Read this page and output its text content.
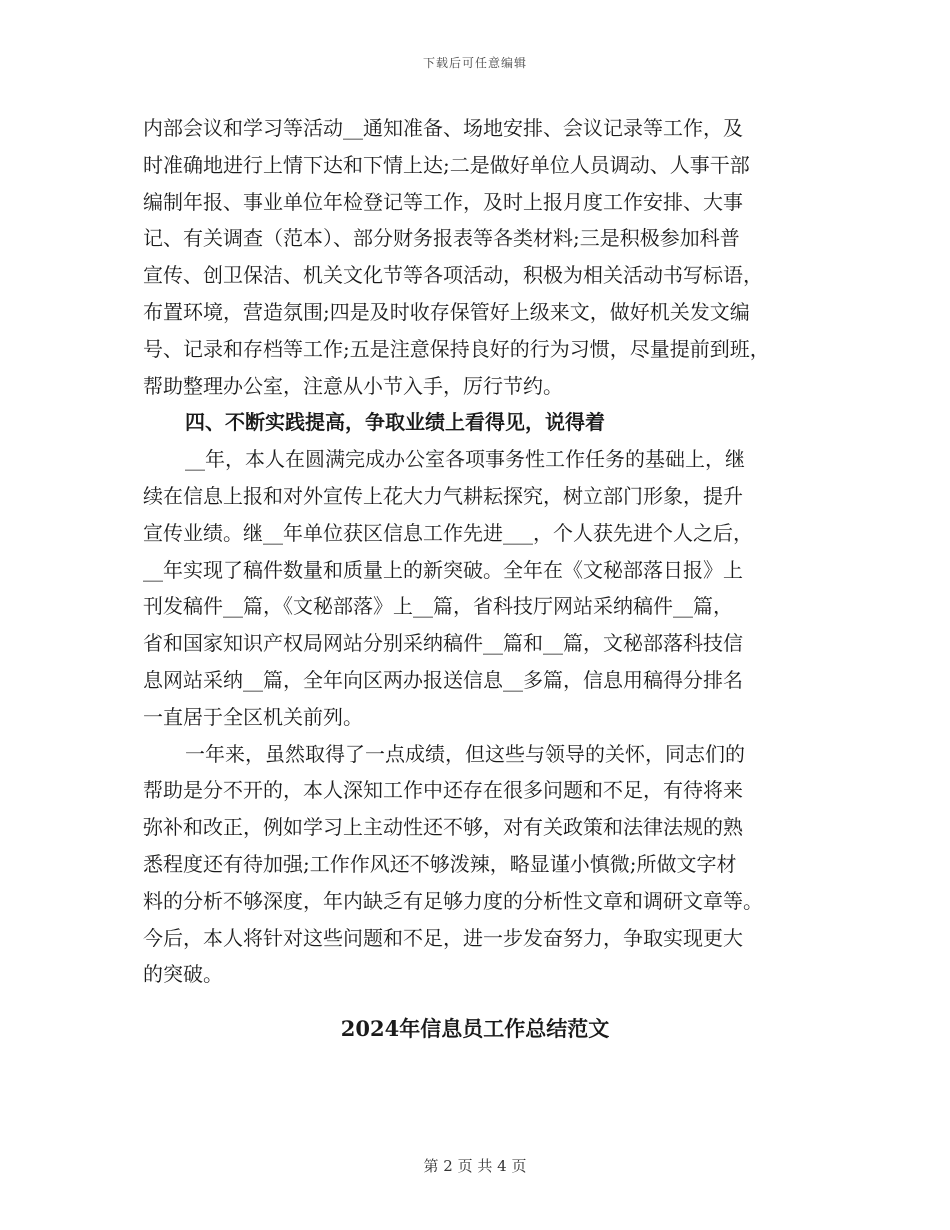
下载后可任意编辑
内部会议和学习等活动__通知准备、场地安排、会议记录等工作，及
时准确地进行上情下达和下情上达;二是做好单位人员调动、人事干部
编制年报、事业单位年检登记等工作，及时上报月度工作安排、大事
记、有关调查（范本）、部分财务报表等各类材料;三是积极参加科普
宣传、创卫保洁、机关文化节等各项活动，积极为相关活动书写标语，
布置环境，营造氛围;四是及时收存保管好上级来文，做好机关发文编
号、记录和存档等工作;五是注意保持良好的行为习惯，尽量提前到班，
帮助整理办公室，注意从小节入手，厉行节约。
四、不断实践提高，争取业绩上看得见，说得着
__年，本人在圆满完成办公室各项事务性工作任务的基础上，继
续在信息上报和对外宣传上花大力气耕耘探究，树立部门形象，提升
宣传业绩。继__年单位获区信息工作先进___，个人获先进个人之后，
__年实现了稿件数量和质量上的新突破。全年在《文秘部落日报》上
刊发稿件__篇，《文秘部落》上__篇，省科技厅网站采纳稿件__篇，
省和国家知识产权局网站分别采纳稿件__篇和__篇，文秘部落科技信
息网站采纳__篇，全年向区两办报送信息__多篇，信息用稿得分排名
一直居于全区机关前列。
一年来，虽然取得了一点成绩，但这些与领导的关怀，同志们的
帮助是分不开的，本人深知工作中还存在很多问题和不足，有待将来
弥补和改正，例如学习上主动性还不够，对有关政策和法律法规的熟
悉程度还有待加强;工作作风还不够泼辣，略显谨小慎微;所做文字材
料的分析不够深度，年内缺乏有足够力度的分析性文章和调研文章等。
今后，本人将针对这些问题和不足，进一步发奋努力，争取实现更大
的突破。
2024年信息员工作总结范文
第 2 页 共 4 页
